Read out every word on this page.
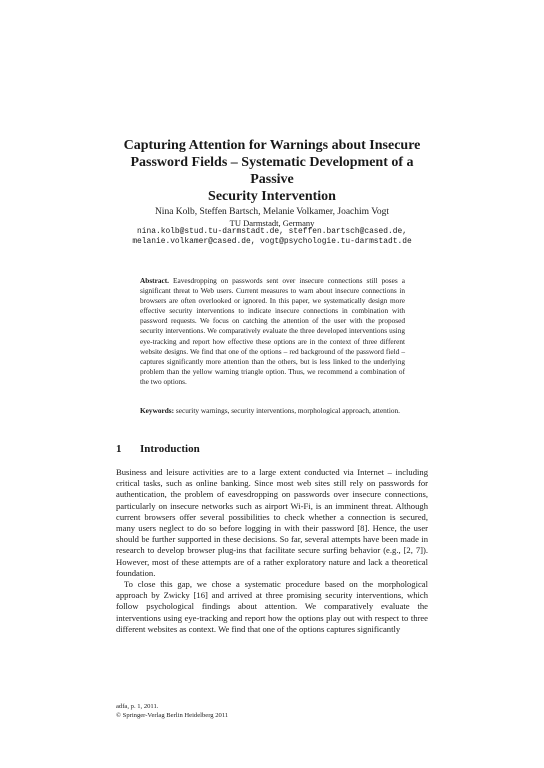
Capturing Attention for Warnings about Insecure
Password Fields – Systematic Development of a Passive
Security Intervention
Nina Kolb, Steffen Bartsch, Melanie Volkamer, Joachim Vogt
TU Darmstadt, Germany
nina.kolb@stud.tu-darmstadt.de, steffen.bartsch@cased.de,
melanie.volkamer@cased.de, vogt@psychologie.tu-darmstadt.de
Abstract. Eavesdropping on passwords sent over insecure connections still poses a significant threat to Web users. Current measures to warn about insecure connections in browsers are often overlooked or ignored. In this paper, we systematically design more effective security interventions to indicate insecure connections in combination with password requests. We focus on catching the attention of the user with the proposed security interventions. We comparatively evaluate the three developed interventions using eye-tracking and report how effective these options are in the context of three different website designs. We find that one of the options – red background of the password field – captures significantly more attention than the others, but is less linked to the underlying problem than the yellow warning triangle option. Thus, we recommend a combination of the two options.
Keywords: security warnings, security interventions, morphological approach, attention.
1 Introduction

Business and leisure activities are to a large extent conducted via Internet – including critical tasks, such as online banking. Since most web sites still rely on passwords for authentication, the problem of eavesdropping on passwords over insecure connections, particularly on insecure networks such as airport Wi-Fi, is an imminent threat. Although current browsers offer several possibilities to check whether a connection is secured, many users neglect to do so before logging in with their password [8]. Hence, the user should be further supported in these decisions. So far, several attempts have been made in research to develop browser plug-ins that facilitate secure surfing behavior (e.g., [2, 7]). However, most of these attempts are of a rather exploratory nature and lack a theoretical foundation.

To close this gap, we chose a systematic procedure based on the morphological approach by Zwicky [16] and arrived at three promising security interventions, which follow psychological findings about attention. We comparatively evaluate the interventions using eye-tracking and report how the options play out with respect to three different websites as context. We find that one of the options captures significantly

adfa, p. 1, 2011.
© Springer-Verlag Berlin Heidelberg 2011
